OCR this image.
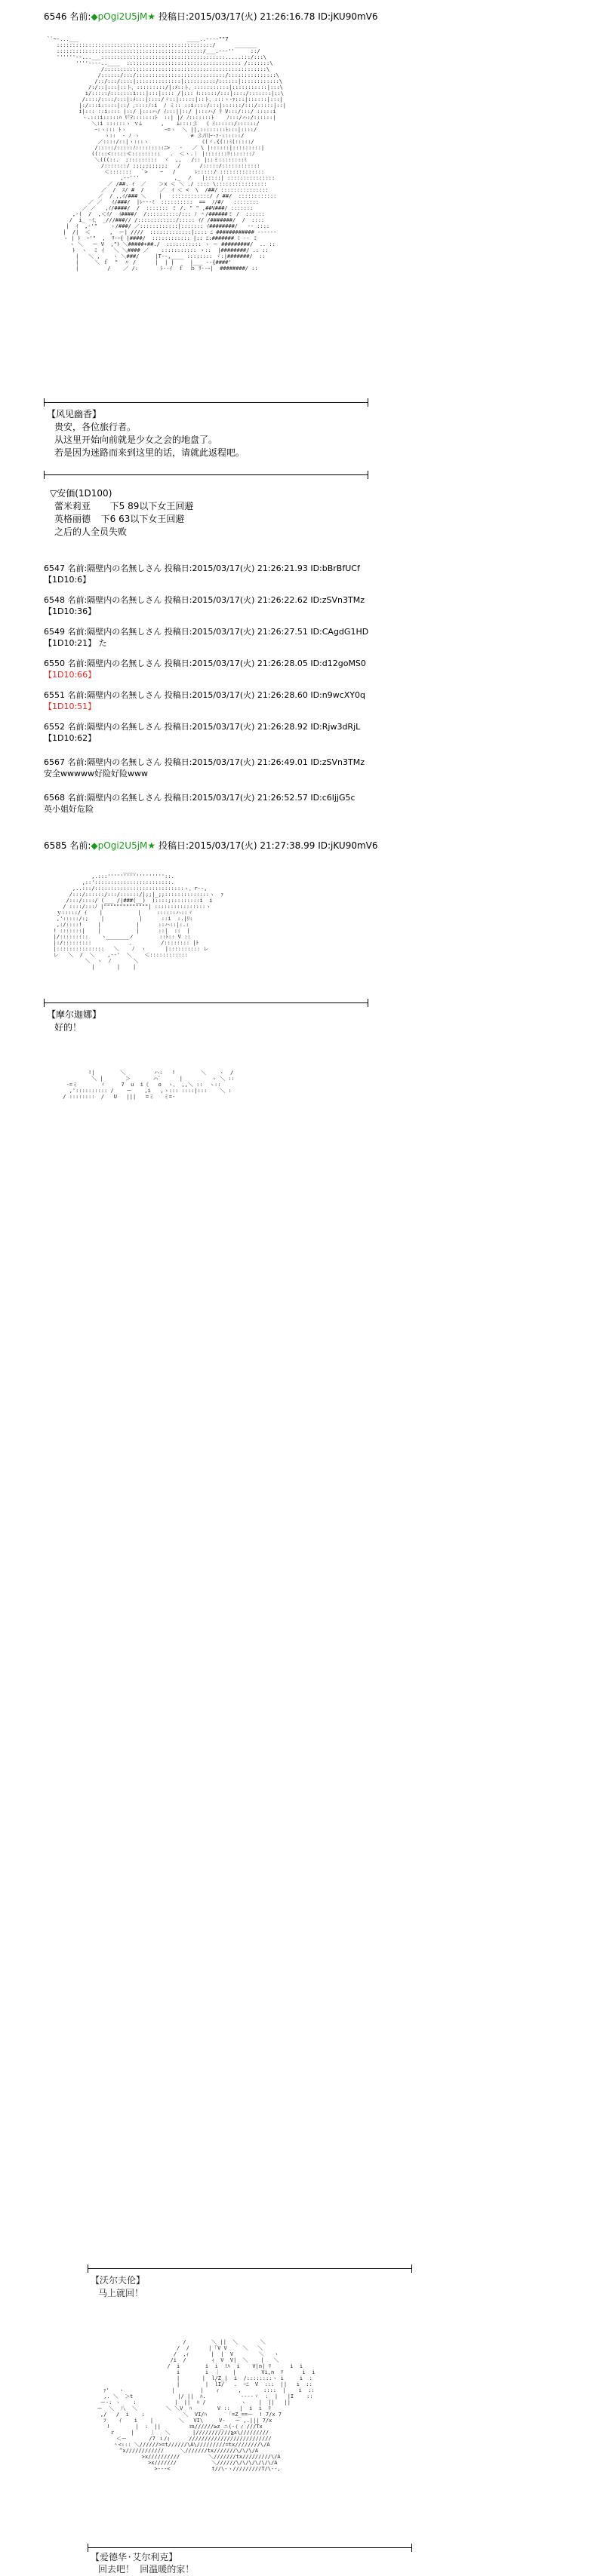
6546 名前:◆pOgi2U5jM★ 投稿日:2015/03/17(火) 21:26:16.78 ID:jKU90mV6

``~-...___                                  ____..----""7
:::::::::::::::::::::::::::::::::::::::::::::::::/      _______
::::::::::::::::::::::::::::::::::::::::::::::/___.---''     ::/
''''''--...___:::::::::::::::::::::::::::::::::::::::.....:::/:::\
''''----..____  :::::::::::::::::::::::::::::::::::: /:::::::\
/:::::::::::::::::::::::::::::::::::::::::::::::::::\
/::::::/:::/::::::::::::::::::::::::::::/:::::::::::::::\
/::/:::/::::|::::::::::::::|::::::::::/::::::|::::::::::::\
/:/::|:::|::ト、:::::::::/|:ﾒ::ト、:::::::::::|:::::::::::|:::\
i/:::::/:::::::i:::|:::|:::: /|::: ⅰ::::::/:::|::::/:::::::|::\
/::::/::::/:::|:ﾒ:::|::::/ヾ::|:::::|::ト、:::ゝ-ｧ:::|::::::|:::|
|:/:::i:::::|::/ ｡::::ﾉ:i  ﾉ ミ:: ::i::::/:::|::::::/:::/:::::|::|
i|::: ::i:::: |::/ |:::ハ/ ｲ:::||::/ |:::ハ/ ﾘ V:::/:::/ :::::i
ヽ.:::i:::::ﾊ ﾘ｢ｦ:::::::ﾄ  ::| |/ ﾉ:::::::ﾄ    ﾉ:::/ハ:/::::::|
＼:i ::::::ゝ ｖﾑ      ,    ﾑ::::彡  《 ｲ::::::/::::::/
ｰ:ヽ::: ﾄヽ            ｰ=ゝ  ＼ ||,::::::::ﾄ:::|::::/
ゝ::  ‐ ﾉ ヽ                ≠ 彡ﾉ川ｰ-ｧ-::::::/
／::::/::|ヽ:::ゝ                《(ヾ.{(::ﾐ(:::::/
/:::::/:::::ﾉ:::::::::ﾆ>   ‐   ／ \ |::::::|:::::::::|
((:::<:::::≪:::::::::   .  ＜ヽ.｜ |:::::::ﾘ:::::::ﾉ
＼(((::.  ;:::::::::  ヾ  ,,   /:: |::ミ::::::::ﾐ
/:::::::/ ;;;;;;;;;;;   /      /:::::/::::::::::::
＜:::::::   `>    ｰ   /      ﾚ:::::/ ::::::::::::::
,--'''           ,_  ノ   |:::::| :::::::::::::::
／ /##. ｲ  ／    ＞x ＜ ＼ ./ :::: \::::::::::::::::
／  /  ｽ/ #  /     ／  ｲ ＜ <  \  /##/ :::::::::::::::
／  / ,,ｲ/### ＼    |   ::::::::::::/ / ##/  ::::::::::::
／ ／   ｲ/###/  |ﾚ---ﾐ  ::::::::::  ==  ﾉ/#/   ::::::::
／ ／   ,ｲ/####/  /  ::::::: ミ /. " " ,##V###/ :::::::
,-(  /  ,＜ｲ/  ｲ####/  /::::::::::/::: ﾉ ＾/######ミ /  ::::::
/  i_ -ｲ、 _///###// /::::::::::::/::::: ｲ/ /#######/  /  ::::
|  ｲ  ,-'"    ヽ/###/ ／::::::::::::|::::::: ｲ########/   -- ::::
|  /|  ＜      ,  ー| ////  :::::::::::::|:::: ﾆ ############ ------
ヽ | ﾄ  ｰ'"  ,  ﾘ-ｰ{ |####/  :::::::::::: |:: ﾆ:####### ﾐ -- ミ
ヽ ＼   ー V  ,"ﾄ ＼#####+##./  ::::::::::: ヽ ＝ #########/  .. ::
ﾄ  ヽ  ミ ｲ   ＼ ＼#### ／    ::::::::::: ゝ::  |########/ .: ::
|   ＼ ,    ヽ ＼###/     |T--,____ :::::::: ヾ:|#######/  ::
|     ＼ ｆ  "  〃 /      |  | |     |___ --{####'
|         /    ／ /:       ﾄ--ｲ  ｆ  ｂ ﾘ--ｰ|  ########/ ::

【风见幽香】
贵安，各位旅行者。
从这里开始向前就是少女之会的地盘了。
若是因为迷路而来到这里的话，请就此返程吧。
▽安価(1D100)
蕾米莉亚 下5 89以下女王回避
英格丽德 下6 63以下女王回避
之后的人全员失败
6547 名前:隔壁内の名無しさん 投稿日:2015/03/17(火) 21:26:21.93 ID:bBrBfUCf
【1D10:6】
6548 名前:隔壁内の名無しさん 投稿日:2015/03/17(火) 21:26:22.62 ID:zSVn3TMz
【1D10:36】
6549 名前:隔壁内の名無しさん 投稿日:2015/03/17(火) 21:26:27.51 ID:CAgdG1HD
【1D10:21】 た
6550 名前:隔壁内の名無しさん 投稿日:2015/03/17(火) 21:26:28.05 ID:d12goMS0
【1D10:66】
6551 名前:隔壁内の名無しさん 投稿日:2015/03/17(火) 21:26:28.60 ID:n9wcXY0q
【1D10:51】
6552 名前:隔壁内の名無しさん 投稿日:2015/03/17(火) 21:26:28.92 ID:Rjw3dRjL
【1D10:62】
6567 名前:隔壁内の名無しさん 投稿日:2015/03/17(火) 21:26:49.01 ID:zSVn3TMz
安全wwwww好险好险www
6568 名前:隔壁内の名無しさん 投稿日:2015/03/17(火) 21:26:52.57 ID:c6ljjG5c
英小姐好危险
6585 名前:◆pOgi2U5jM★ 投稿日:2015/03/17(火) 21:27:38.99 ID:jKU90mV6

____
,.:::''''''''''''''''''::.
,::'::::::::::::::::::::::::.
,..:::/::::::::::::::::::::::::::::ヽ、r--,
/:::/::::::/:::/::::::/|;;|_;;::::::::::::::ヽ  ｧ
/:::/::::/ (___ /|###(__)  )::::;:::::::::i  i
/ ::::/:::ﾉ |""""""""""""""| ::::::::::::::::ヽ
ｙ:::::/ ｲ    |           |     ::::::ハ::ヾ
,':::::/:;    |           |      ::i  :.|ﾘ:
,:/::::!     |           |      ::ハ::|:.:
! :::::::|    |           |      ::|  ::  |
|/:::::::::    ヽ_______ノ        ::ﾄ:: V ::
|:/:::::::::            ､         /:::::::: |ﾄ
|:::::::::::::::   ＼    ﾉ  ヽ      |:::::::::: レ
レ   ＼  /  ＼    ,--'  ＼    ＜::::::::::::
＼  ヽ  ﾉ       ＼
|       |    |

【摩尔迦娜】
好的！

!|        ＼         ハ:   !        ＼    ヽ  /
＼ |       ＞       ハ゛     |         ヽ ＼ ::
-=ミ       ヾ     7  u  i《   o  ヽ、 ,,＼ ::  ヽ::
,':::::::::: /    ー    ,i   ,ゝ::: ::::|:::    ＼ :
/ ::::::::  /   U   |||   =ミ   ミ=-

【沃尔夫伦】

马上就回！

/        ＼ ||  ＼       ＼
/  /      | ｢V V     ＼   ＼
/  ,ｨ       |  |  V        ＼   ヽ
/i  /        ｨ  V  V|  ＼    |   ＼
/  i        i  i  !ﾊ  i    V|n| ﾘ      i  i
i        i  ｜    |        Vi,n  ﾘ      i  i
|       |  l/Z_|  i  /::::::::ヽ i     i  :
|        |  lI/   .  ｰﾆ  V  :::  ||   i  ::
ｧ'   ヽ               |        |    ｨ      ,       ::::  |    i  ::
,. ＼  ＞t              |/ ||  ﾊ.           ----ヾ  :  |   |I    ::
ー-: ヽ    :            |  ||  ﾊ /           ヽ    |  ||   ||
ー  ＼  八  ＼         ＼ ＼V  ﾊ        V ::   |  i  i  ﾘ
,/   /  i    :            ＼  VI/ﾊ       ｢=Z_==ー  ! 7/x 7
ﾌ    ｲ    i    |        ＼   VI\     V-   ー ,.||| 7/x
!        |  :  ||         ｍ//////≥z_ニ(-ｲ ｨ ///Tx
ｒ     |     ｜   ＼       |///////////≧x\/////////
＜ー       /7 ｉ/ｨ      //////////////////////////
＾<::: ＼//////>=t//////\A\/////////=tx////////\/A
^x////////////     ＼///////tx///////\/\/\/A
>x//////////         ＼///////tx/////////\/A
>x///////           ＼//////\/\/\/\/\/\/A
>---<             t//\-ヽ/////////T/\--,

【爱德华·艾尔利克】

回去吧！ 回温暖的家！
